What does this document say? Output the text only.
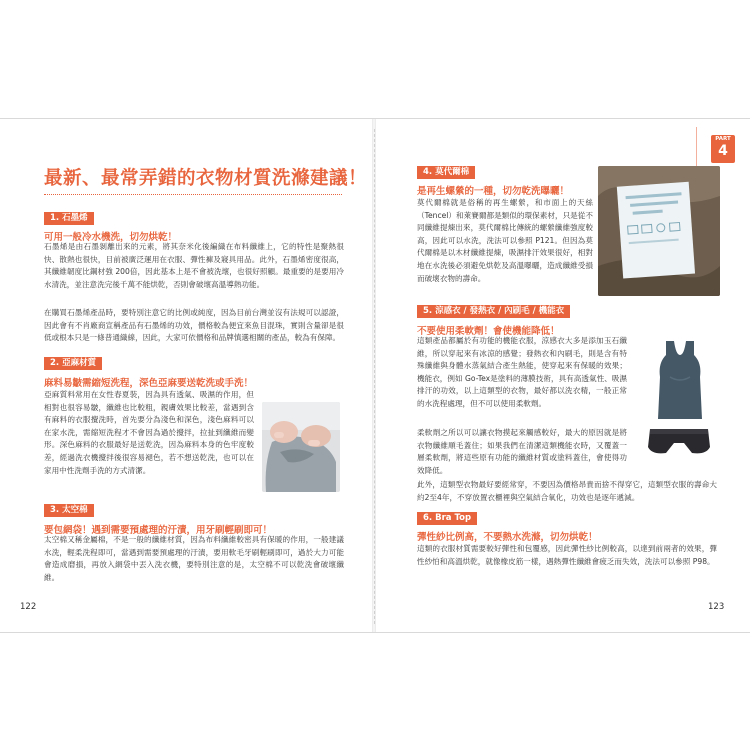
最新、最常弄錯的衣物材質洗滌建議！
1. 石墨烯
可用一般冷水機洗，切勿烘乾！

石墨烯是由石墨剝離出來的元素，將其奈米化後編織在布料纖維上，它的特性是聚熱很快、散熱也很快，目前被廣泛運用在衣服、彈性褲及寢具用品。此外，石墨烯密度很高，其纖維韌度比鋼材強 200倍，因此基本上是不會被洗壞，也很好照顧。最重要的是要用冷水清洗，並注意洗完後千萬不能烘乾，否則會破壞高溫導熱功能。

在購買石墨烯產品時，要特別注意它的比例或純度，因為目前台灣並沒有法規可以認證，因此會有不肖廠商宣稱產品有石墨烯的功效，價格較為便宜來魚目混珠，實則含量卻是很低或根本只是一條普通織線，因此，大家可依價格和品牌慎選相關的產品，較為有保障。

2. 亞麻材質
麻料易皺需縮短洗程，深色亞麻要送乾洗或手洗！

亞麻質料常用在女性春夏裝，因為具有透氣、吸濕的作用，但相對也很容易皺，纖維也比較粗，親膚效果比較差，當遇到含有麻料的衣服攪洗時，首先要分為淺色和深色，淺色麻料可以在家水洗，需縮短洗程才不會因為過於攪拌，拉扯到纖維而變形。深色麻料的衣服最好是送乾洗，因為麻料本身的色牢度較差，經過洗衣機攪拌後很容易褪色，若不想送乾洗，也可以在家用中性洗劑手洗的方式清潔。

3. 太空棉
要包網袋！遇到需要預處理的汙漬，用牙刷輕刷即可！

太空棉又稱金屬棉，不是一般的纖維材質，因為布料纖維較密具有保暖的作用，一般建議水洗，輕柔洗程即可，當遇到需要預處理的汙漬，要用軟毛牙刷輕刷即可，過於大力可能會造成磨損，再放入網袋中丟入洗衣機，要特別注意的是，太空棉不可以乾洗會破壞纖維。

122
PART
4
4. 莫代爾棉
是再生螺縈的一種，切勿乾洗曝曬！

莫代爾棉就是俗稱的再生螺縈，和市面上的天絲（Tencel）和萊賽爾都是類似的環保素材，只是從不同纖維提煉出來，莫代爾棉比傳統的螺縈纖維強度較高，因此可以水洗，洗法可以參照 P121。但因為莫代爾棉是以木材纖維提煉，吸濕排汗效果很好，相對地在水洗後必須避免烘乾及高溫曝曬，造成纖維受損而破壞衣物的壽命。

5. 涼感衣 / 發熱衣 / 內刷毛 / 機能衣
不要使用柔軟劑！會使機能降低！

這類產品都屬於有功能的機能衣服，涼感衣大多是添加玉石纖維，所以穿起來有冰涼的感覺；發熱衣和內刷毛，則是含有特殊纖維與身體水蒸氣結合產生熱能，使穿起來有保暖的效果；機能衣，例如 Go-Tex是塗料的薄膜技術，具有高透氣性、吸濕排汗的功效，以上這類型的衣物，最好都以洗衣精，一般正常的水洗程處理，但不可以使用柔軟劑。

柔軟劑之所以可以讓衣物摸起來觸感較好，最大的原因就是將衣物纖維順毛蓋住；如果我們在清潔這類機能衣時，又覆蓋一層柔軟劑，將這些原有功能的纖維材質或塗料蓋住，會使得功效降低。

此外，這類型衣物最好要經常穿，不要因為價格昂貴而捨不得穿它，這類型衣服的壽命大約2至4年，不穿放置衣櫃裡與空氣結合氧化，功效也是逐年遞減。

6. Bra Top
彈性紗比例高，不要熱水洗滌，切勿烘乾！

這類的衣服材質需要較好彈性和包覆感，因此彈性紗比例較高，以達到前兩者的效果，彈性紗怕和高溫烘乾，就像橡皮筋一樣，遇熱彈性纖維會疲乏而失效，洗法可以參照 P98。

123
